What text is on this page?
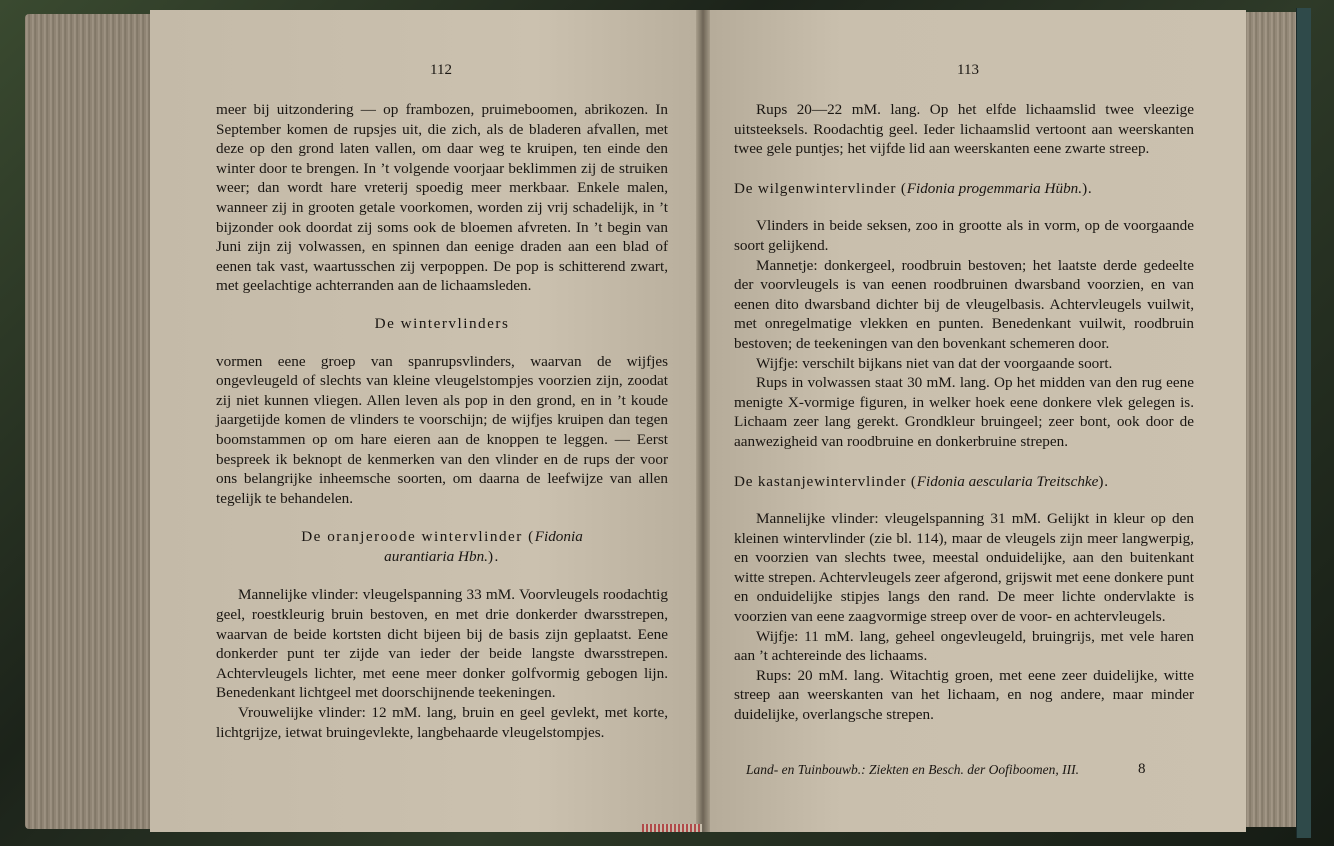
112

meer bij uitzondering — op frambozen, pruimeboomen, abrikozen. In September komen de rupsjes uit, die zich, als de bladeren afvallen, met deze op den grond laten vallen, om daar weg te kruipen, ten einde den winter door te brengen. In ’t volgende voorjaar beklimmen zij de struiken weer; dan wordt hare vreterij spoedig meer merkbaar. Enkele malen, wanneer zij in grooten getale voorkomen, worden zij vrij schadelijk, in ’t bijzonder ook doordat zij soms ook de bloemen afvreten. In ’t begin van Juni zijn zij volwassen, en spinnen dan eenige draden aan een blad of eenen tak vast, waartusschen zij verpoppen. De pop is schitterend zwart, met geelachtige achterranden aan de lichaamsleden.

De wintervlinders

vormen eene groep van spanrupsvlinders, waarvan de wijfjes ongevleugeld of slechts van kleine vleugelstompjes voorzien zijn, zoodat zij niet kunnen vliegen. Allen leven als pop in den grond, en in ’t koude jaargetijde komen de vlinders te voorschijn; de wijfjes kruipen dan tegen boomstammen op om hare eieren aan de knoppen te leggen. — Eerst bespreek ik beknopt de kenmerken van den vlinder en de rups der voor ons belangrijke inheemsche soorten, om daarna de leefwijze van allen tegelijk te behandelen.

De oranjeroode wintervlinder (Fidonia
aurantiaria Hbn.).

Mannelijke vlinder: vleugelspanning 33 mM. Voorvleugels roodachtig geel, roestkleurig bruin bestoven, en met drie donkerder dwarsstrepen, waarvan de beide kortsten dicht bijeen bij de basis zijn geplaatst. Eene donkerder punt ter zijde van ieder der beide langste dwarsstrepen. Achtervleugels lichter, met eene meer donker golfvormig gebogen lijn. Benedenkant lichtgeel met doorschijnende teekeningen.

Vrouwelijke vlinder: 12 mM. lang, bruin en geel gevlekt, met korte, lichtgrijze, ietwat bruingevlekte, langbehaarde vleugelstompjes.

113

Rups 20—22 mM. lang. Op het elfde lichaamslid twee vleezige uitsteeksels. Roodachtig geel. Ieder lichaamslid vertoont aan weerskanten twee gele puntjes; het vijfde lid aan weerskanten eene zwarte streep.

De wilgenwintervlinder (Fidonia progemmaria Hübn.).

Vlinders in beide seksen, zoo in grootte als in vorm, op de voorgaande soort gelijkend.

Mannetje: donkergeel, roodbruin bestoven; het laatste derde gedeelte der voorvleugels is van eenen roodbruinen dwarsband voorzien, en van eenen dito dwarsband dichter bij de vleugelbasis. Achtervleugels vuilwit, met onregelmatige vlekken en punten. Benedenkant vuilwit, roodbruin bestoven; de teekeningen van den bovenkant schemeren door.

Wijfje: verschilt bijkans niet van dat der voorgaande soort.

Rups in volwassen staat 30 mM. lang. Op het midden van den rug eene menigte X-vormige figuren, in welker hoek eene donkere vlek gelegen is. Lichaam zeer lang gerekt. Grondkleur bruingeel; zeer bont, ook door de aanwezigheid van roodbruine en donkerbruine strepen.

De kastanjewintervlinder (Fidonia aescularia Treitschke).

Mannelijke vlinder: vleugelspanning 31 mM. Gelijkt in kleur op den kleinen wintervlinder (zie bl. 114), maar de vleugels zijn meer langwerpig, en voorzien van slechts twee, meestal onduidelijke, aan den buitenkant witte strepen. Achtervleugels zeer afgerond, grijswit met eene donkere punt en onduidelijke stipjes langs den rand. De meer lichte ondervlakte is voorzien van eene zaagvormige streep over de voor- en achtervleugels.

Wijfje: 11 mM. lang, geheel ongevleugeld, bruingrijs, met vele haren aan ’t achtereinde des lichaams.

Rups: 20 mM. lang. Witachtig groen, met eene zeer duidelijke, witte streep aan weerskanten van het lichaam, en nog andere, maar minder duidelijke, overlangsche strepen.

Land- en Tuinbouwb.: Ziekten en Besch. der Oofiboomen, III.	8
